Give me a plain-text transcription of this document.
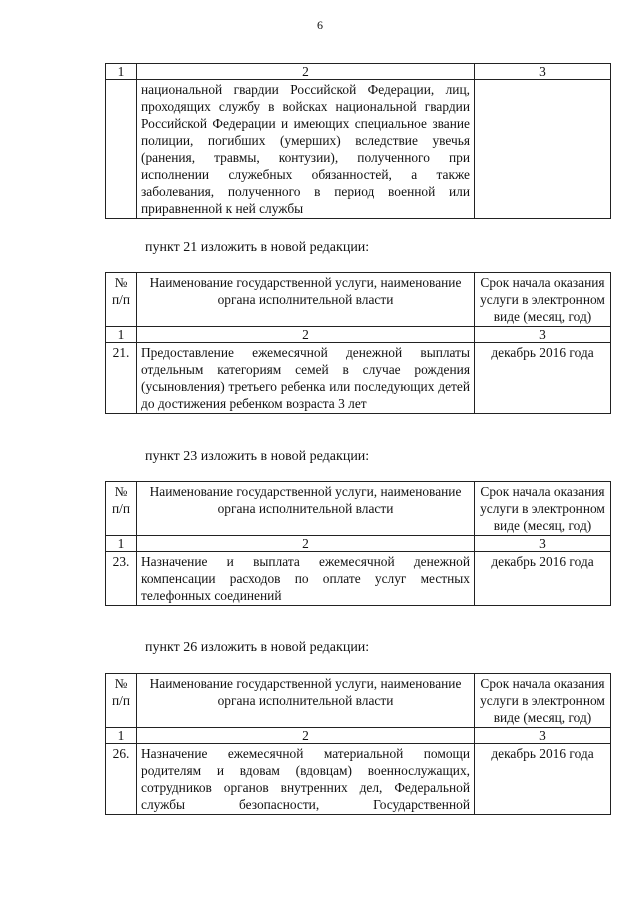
6
1	2	3
	национальной гвардии Российской Федерации, лиц, проходящих службу в войсках национальной гвардии Российской Федерации и имеющих специальное звание полиции, погибших (умерших) вследствие увечья (ранения, травмы, контузии), полученного при исполнении служебных обязанностей, а также заболевания, полученного в период военной или приравненной к ней службы	
пункт 21 изложить в новой редакции:
№ п/п	Наименование государственной услуги, наименование органа исполнительной власти	Срок начала оказания услуги в электронном виде (месяц, год)
1	2	3
21.	Предоставление ежемесячной денежной выплаты отдельным категориям семей в случае рождения (усыновления) третьего ребенка или последующих детей до достижения ребенком возраста 3 лет	декабрь 2016 года
пункт 23 изложить в новой редакции:
№ п/п	Наименование государственной услуги, наименование органа исполнительной власти	Срок начала оказания услуги в электронном виде (месяц, год)
1	2	3
23.	Назначение и выплата ежемесячной денежной компенсации расходов по оплате услуг местных телефонных соединений	декабрь 2016 года
пункт 26 изложить в новой редакции:
№ п/п	Наименование государственной услуги, наименование органа исполнительной власти	Срок начала оказания услуги в электронном виде (месяц, год)
1	2	3
26.	Назначение ежемесячной материальной помощи родителям и вдовам (вдовцам) военнослужащих, сотрудников органов внутренних дел, Федеральной службы безопасности, Государственной	декабрь 2016 года
